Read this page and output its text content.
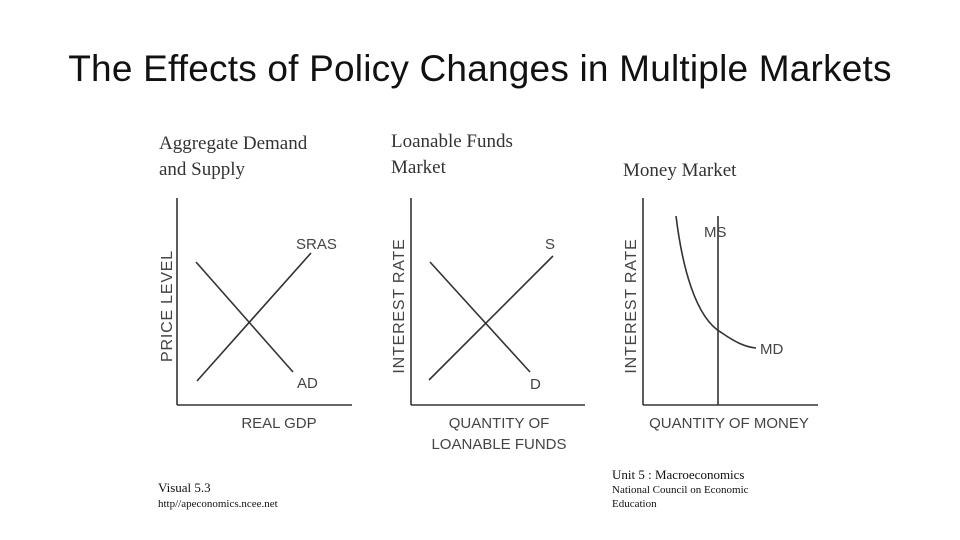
The Effects of Policy Changes in Multiple Markets
Aggregate Demand
and Supply
Loanable Funds
Market	Money Market
PRICE LEVEL
REAL GDP
SRAS
AD
INTEREST RATE
QUANTITY OF
LOANABLE FUNDS
S
D
INTEREST RATE
QUANTITY OF MONEY
MS
MD
Visual 5.3
http//apeconomics.ncee.net
Unit 5 : Macroeconomics
National Council on Economic
Education
